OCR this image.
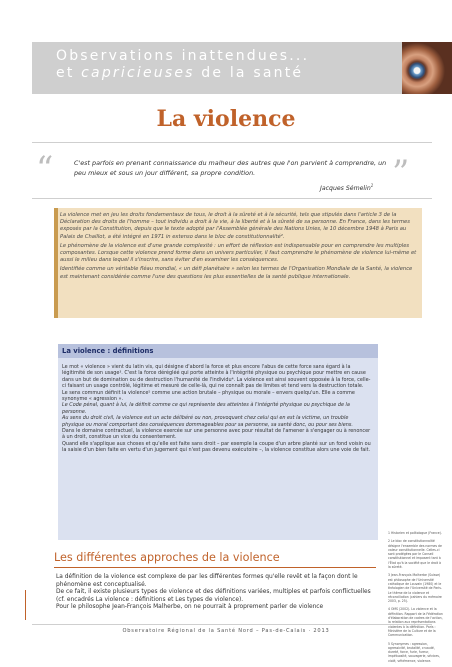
Observations inattendues...
et capricieuses de la santé
La violence
“	C'est parfois en prenant connaissance du malheur des autres que l'on parvient à comprendre, un peu mieux et sous un jour différent, sa propre condition.
Jacques Sémelin$^1$ ”

La violence met en jeu les droits fondamentaux de tous, le droit à la sûreté et à la sécurité, tels que stipulés dans l'article 3 de la Déclaration des droits de l'homme – tout individu a droit à la vie, à la liberté et à la sûreté de sa personne. En France, dans les termes exposés par la Constitution, depuis que le texte adopté par l'Assemblée générale des Nations Unies, le 10 décembre 1948 à Paris au Palais de Chaillot, a été intégré en 1971 in extenso dans le bloc de constitutionnalité².

Le phénomène de la violence est d'une grande complexité : un effort de réflexion est indispensable pour en comprendre les multiples composantes. Lorsque cette violence prend forme dans un univers particulier, il faut comprendre le phénomène de violence lui-même et aussi le milieu dans lequel il s'inscrire, sans éviter d'en examiner les conséquences.

Identifiée comme un véritable fléau mondial, « un défi planétaire » selon les termes de l'Organisation Mondiale de la Santé, la violence est maintenant considérée comme l'une des questions les plus essentielles de la santé publique internationale.

La violence : définitions

Le mot « violence » vient du latin vis, qui désigne d'abord la force et plus encore l'abus de cette force sans égard à la légitimité de son usage³. C'est la force dérégléé qui porte atteinte à l'intégrité physique ou psychique pour mettre en cause dans un but de domination ou de destruction l'humanité de l'individu⁴. La violence est ainsi souvent opposée à la force, celle-ci faisant un usage contrôlé, légitime et mesuré de celle-là, qui ne connaît pas de limites et tend vers la destruction totale.

Le sens commun définit la violence⁵ comme une action brutale – physique ou morale – envers quelqu'un. Elle a comme synonyme « agression ».

Le Code pénal, quant à lui, la définit comme ce qui représente des atteintes à l'intégrité physique ou psychique de la personne.

Au sens du droit civil, la violence est un acte délibéré ou non, provoquant chez celui qui en est la victime, un trouble physique ou moral comportant des conséquences dommageables pour sa personne, sa santé donc, ou pour ses biens.

Dans le domaine contractuel, la violence exercée sur une personne avec pour résultat de l'amener à s'engager ou à renoncer à un droit, constitue un vice du consentement.

Quand elle s'applique aux choses et qu'elle est faite sans droit – par exemple la coupe d'un arbre planté sur un fond voisin ou la saisie d'un bien faite en vertu d'un jugement qui n'est pas devenu exécutoire –, la violence constitue alors une voie de fait.

1 Historien et politologue (France).
2 Le bloc de constitutionnalité désigne l'ensemble des normes de valeur constitutionnelle. Celles-ci sont protégées par le Conseil constitutionnel et imposent tant à l'État qu'à la société que le droit à la sûreté.
3 Jean-François Malherbe (Suisse) est philosophe de l'Université catholique de Louvain (1980) et le théologien de l'Université de Paris. Le thème de la violence et réconciliation (cahiers du mémoire 2003, p. 25).
4 OMS (2002). La violence et la définition. Rapport de la Fédération d'élaboration de cadres de l'action, la relation aux représentations violentes à la définition. Paris : Ministère de la Culture et de la Communication.
5 Synonymes : agression, agressivité, brutalité, cruauté, dureté, force, furie, fureur, impétuosité, sauvagerie, sévices, violé, véhémence, violence.
Les différentes approches de la violence

La définition de la violence est complexe de par les différentes formes qu'elle revêt et la façon dont le phénomène est conceptualisé.

De ce fait, il existe plusieurs types de violence et des définitions variées, multiples et parfois conflictuelles (cf. encadrés La violence : définitions et Les types de violence).

Pour le philosophe Jean-François Malherbe, on ne pourrait à proprement parler de violence

Observatoire Régional de la Santé Nord – Pas-de-Calais · 2013
